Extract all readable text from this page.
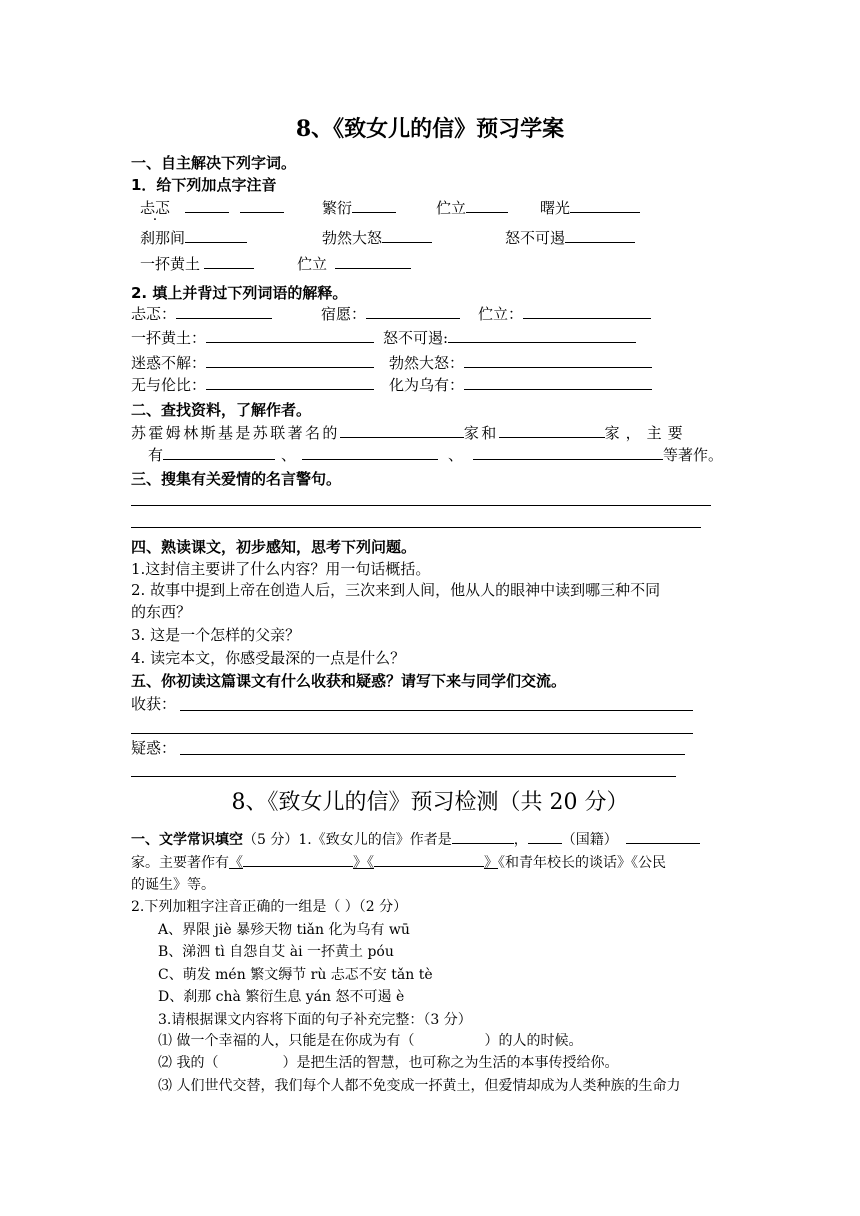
8、《致女儿的信》预习学案
一、自主解决下列字词。
1．给下列加点字注音
忐忑	繁衍	伫立	曙光
刹那间	勃然大怒	怒不可遏
一抔黄土	伫立
2. 填上并背过下列词语的解释。
忐忑：	宿愿：	伫立：
一抔黄土：	怒不可遏:
迷惑不解：	勃然大怒：
无与伦比：	化为乌有：
二、查找资料，了解作者。
苏霍姆林斯基是苏联著名的	家和	家，主要
有	、	、	等著作。
三、搜集有关爱情的名言警句。
四、熟读课文，初步感知，思考下列问题。
1.这封信主要讲了什么内容？用一句话概括。
2. 故事中提到上帝在创造人后，三次来到人间，他从人的眼神中读到哪三种不同
的东西？
3. 这是一个怎样的父亲？
4. 读完本文，你感受最深的一点是什么？
五、你初读这篇课文有什么收获和疑惑？请写下来与同学们交流。
收获：
疑惑：
8、《致女儿的信》预习检测（共 20 分）
一、文学常识填空（5 分）1.《致女儿的信》作者是	， （国籍）
家。主要著作有《	》《	》《和青年校长的谈话》《公民
的诞生》等。
2.下列加粗字注音正确的一组是（ ）（2 分）
A、界限 jiè 暴殄天物 tiǎn 化为乌有 wū
B、涕泗 tì 自怨自艾 ài 一抔黄土 póu
C、萌发 mén 繁文缛节 rù 忐忑不安 tǎn tè
D、刹那 chà 繁衍生息 yán 怒不可遏 è
3.请根据课文内容将下面的句子补充完整：（3 分）
⑴ 做一个幸福的人，只能是在你成为有（	）的人的时候。
⑵ 我的（	）是把生活的智慧，也可称之为生活的本事传授给你。
⑶ 人们世代交替，我们每个人都不免变成一抔黄土，但爱情却成为人类种族的生命力
